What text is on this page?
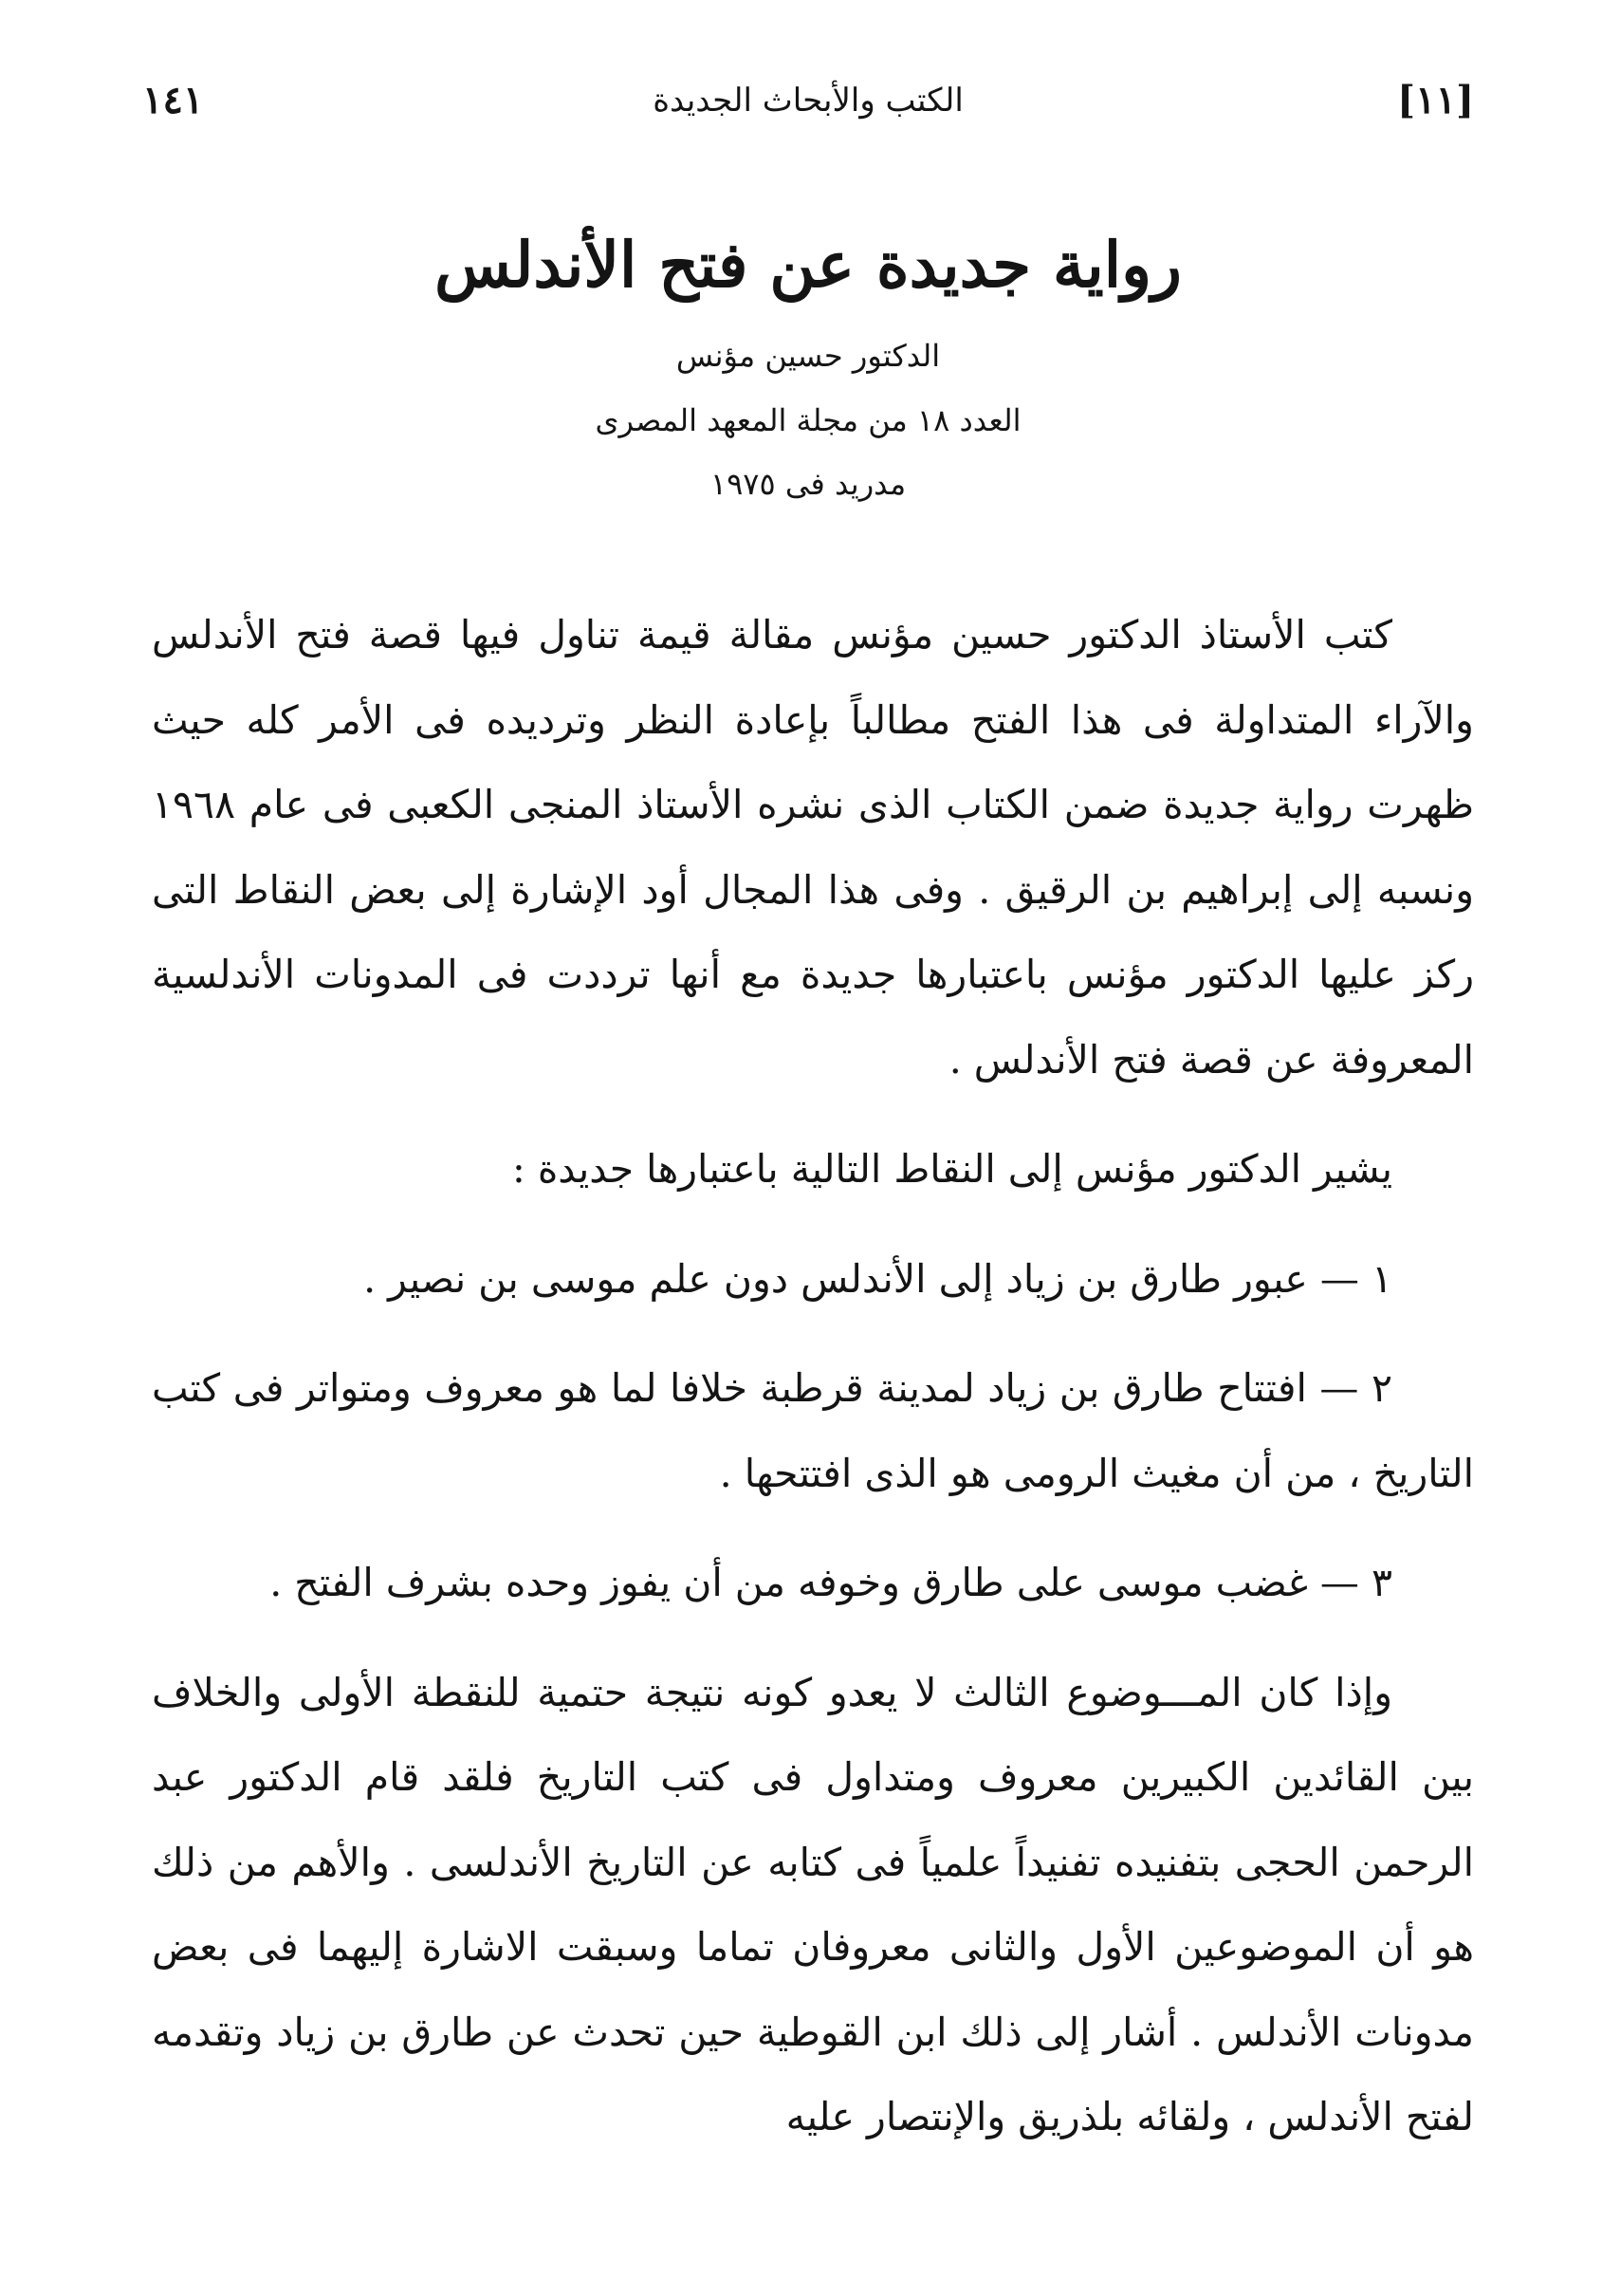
١٤١	الكتب والأبحاث الجديدة	[١١]
رواية جديدة عن فتح الأندلس
الدكتور حسين مؤنس
العدد ١٨ من مجلة المعهد المصرى
مدريد فى ١٩٧٥

كتب الأستاذ الدكتور حسين مؤنس مقالة قيمة تناول فيها قصة فتح الأندلس والآراء المتداولة فى هذا الفتح مطالباً بإعادة النظر وترديده فى الأمر كله حيث ظهرت رواية جديدة ضمن الكتاب الذى نشره الأستاذ المنجى الكعبى فى عام ١٩٦٨ ونسبه إلى إبراهيم بن الرقيق . وفى هذا المجال أود الإشارة إلى بعض النقاط التى ركز عليها الدكتور مؤنس باعتبارها جديدة مع أنها ترددت فى المدونات الأندلسية المعروفة عن قصة فتح الأندلس .

يشير الدكتور مؤنس إلى النقاط التالية باعتبارها جديدة :

١ — عبور طارق بن زياد إلى الأندلس دون علم موسى بن نصير .

٢ — افتتاح طارق بن زياد لمدينة قرطبة خلافا لما هو معروف ومتواتر فى كتب التاريخ ، من أن مغيث الرومى هو الذى افتتحها .

٣ — غضب موسى على طارق وخوفه من أن يفوز وحده بشرف الفتح .

وإذا كان المـــوضوع الثالث لا يعدو كونه نتيجة حتمية للنقطة الأولى والخلاف بين القائدين الكبيرين معروف ومتداول فى كتب التاريخ فلقد قام الدكتور عبد الرحمن الحجى بتفنيده تفنيداً علمياً فى كتابه عن التاريخ الأندلسى . والأهم من ذلك هو أن الموضوعين الأول والثانى معروفان تماما وسبقت الاشارة إليهما فى بعض مدونات الأندلس . أشار إلى ذلك ابن القوطية حين تحدث عن طارق بن زياد وتقدمه لفتح الأندلس ، ولقائه بلذريق والإنتصار عليه
